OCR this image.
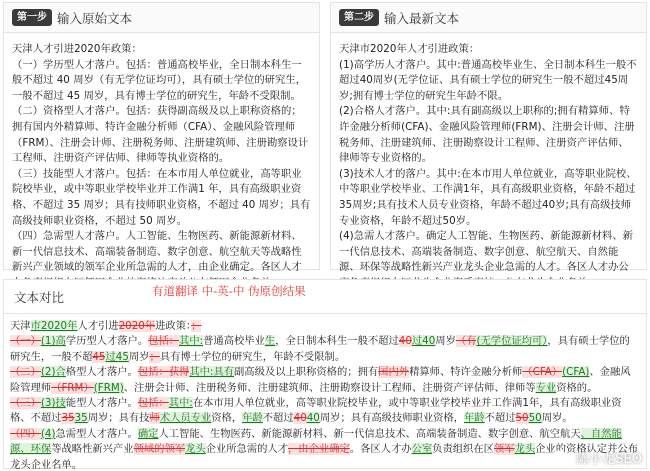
第一步 输入原始文本

天津人才引进2020年政策：

（一）学历型人才落户。包括：普通高校毕业，全日制本科生一般不超过 40 周岁（有无学位证均可），具有硕士学位的研究生，一般不超过 45 周岁，具有博士学位的研究生，年龄不受限制。

（二）资格型人才落户。包括：获得副高级及以上职称资格的；拥有国内外精算师、特许金融分析师（CFA）、金融风险管理师（FRM）、注册会计师、注册税务师、注册建筑师、注册勘察设计工程师、注册资产评估师、律师等执业资格的。

（三）技能型人才落户。包括：在本市用人单位就业，高等职业院校毕业，或中等职业学校毕业并工作满1 年，具有高级职业资格、不超过 35 周岁；具有技师职业资格，不超过 40 周岁；具有高级技师职业资格，不超过 50 周岁。

（四）急需型人才落户。人工智能、生物医药、新能源新材料、新一代信息技术、高端装备制造、数字创意、航空航天等战略性新兴产业领域的领军企业所急需的人才，由企业确定。各区人才

第二步 输入最新文本

天津市2020年人才引进政策：

(1)高学历人才落户。其中:普通高校毕业生、全日制本科生一般不超过40周岁(无学位证、具有硕士学位的研究生一般不超过45周岁;拥有博士学位的研究生年龄不限。

(2)合格人才落户。其中:具有副高级以上职称的;拥有精算师、特许金融分析师(CFA)、金融风险管理师(FRM)、注册会计师、注册税务师、注册建筑师、注册勘察设计工程师、注册资产评估师、律师等专业资格的。

(3)技术人才的落户。其中:在本市用人单位就业，高等职业院校、中等职业学校毕业、工作满1年，具有高级职业资格，年龄不超过35周岁;具有技术人员专业资格，年龄不超过40岁;具有高级技师专业资格，年龄不超过50岁。

(4)急需人才落户。确定人工智能、生物医药、新能源新材料、新一代信息技术、高端装备制造、数字创意、航空航天、自然能源、环保等战略性新兴产业龙头企业急需的人才。各区人才办公

文本对比	有道翻译 中-英-中 伪原创结果

天津市2020年人才引进2020年进政策：；

（一）(1)高学历型人才落户。包括：其中:普通高校毕业生，全日制本科生一般不超过40过40周岁（有(无学位证均可），具有硕士学位的研究生，一般不超45过45周岁；具有博士学位的研究生，年龄不受限制。

（二）(2)合格型人才落户。包括：获得其中:具有副高级及以上职称资格的；拥有国内外精算师、特许金融分析师（CFA）(CFA)、金融风险管理师（FRM）(FRM)、注册会计师、注册税务师、注册建筑师、注册勘察设计工程师、注册资产评估师、律师等专业资格的。

（三）(3)技能型人才落户。包括：其中:在本市用人单位就业，高等职业院校毕业，或中等职业学校毕业并工作满1年，具有高级职业资格、不超过3535周岁；具有技师术人员专业资格，年龄不超过4040周岁；具有高级技师职业资格，年龄不超过5050周岁。

（四）(4)急需型人才落户。确定人工智能、生物医药、新能源新材料、新一代信息技术、高端装备制造、数字创意、航空航天、自然能源、环保等战略性新兴产业领域的领军龙头企业所急需的人才，由企业确定。各区人才办公室负责组织在区领军龙头企业的资格认定并公布龙头企业名单。	陈小龙SEO
